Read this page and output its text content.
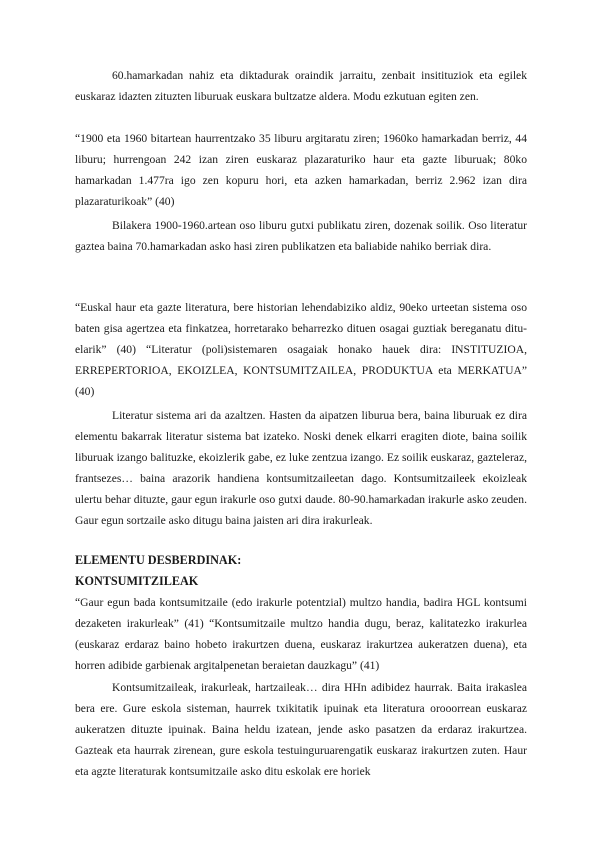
60.hamarkadan nahiz eta diktadurak oraindik jarraitu, zenbait insitituziok eta egilek euskaraz idazten zituzten liburuak euskara bultzatze aldera. Modu ezkutuan egiten zen.

“1900 eta 1960 bitartean haurrentzako 35 liburu argitaratu ziren; 1960ko hamarkadan berriz, 44 liburu; hurrengoan 242 izan ziren euskaraz plazaraturiko haur eta gazte liburuak; 80ko hamarkadan 1.477ra igo zen kopuru hori, eta azken hamarkadan, berriz 2.962 izan dira plazaraturikoak” (40)

Bilakera 1900-1960.artean oso liburu gutxi publikatu ziren, dozenak soilik. Oso literatur gaztea baina 70.hamarkadan asko hasi ziren publikatzen eta baliabide nahiko berriak dira.

“Euskal haur eta gazte literatura, bere historian lehendabiziko aldiz, 90eko urteetan sistema oso baten gisa agertzea eta finkatzea, horretarako beharrezko dituen osagai guztiak bereganatu dituelarik” (40) “Literatur (poli)sistemaren osagaiak honako hauek dira: INSTITUZIOA, ERREPERTORIOA, EKOIZLEA, KONTSUMITZAILEA, PRODUKTUA eta MERKATUA” (40)

Literatur sistema ari da azaltzen. Hasten da aipatzen liburua bera, baina liburuak ez dira elementu bakarrak literatur sistema bat izateko. Noski denek elkarri eragiten diote, baina soilik liburuak izango balituzke, ekoizlerik gabe, ez luke zentzua izango. Ez soilik euskaraz, gazteleraz, frantsezes… baina arazorik handiena kontsumitzaileetan dago. Kontsumitzaileek ekoizleak ulertu behar dituzte, gaur egun irakurle oso gutxi daude. 80-90.hamarkadan irakurle asko zeuden. Gaur egun sortzaile asko ditugu baina jaisten ari dira irakurleak.

ELEMENTU DESBERDINAK:

KONTSUMITZILEAK

“Gaur egun bada kontsumitzaile (edo irakurle potentzial) multzo handia, badira HGL kontsumi dezaketen irakurleak” (41) “Kontsumitzaile multzo handia dugu, beraz, kalitatezko irakurlea (euskaraz erdaraz baino hobeto irakurtzen duena, euskaraz irakurtzea aukeratzen duena), eta horren adibide garbienak argitalpenetan beraietan dauzkagu” (41)

Kontsumitzaileak, irakurleak, hartzaileak… dira HHn adibidez haurrak. Baita irakaslea bera ere. Gure eskola sisteman, haurrek txikitatik ipuinak eta literatura orooorrean euskaraz aukeratzen dituzte ipuinak. Baina heldu izatean, jende asko pasatzen da erdaraz irakurtzea. Gazteak eta haurrak zirenean, gure eskola testuinguruarengatik euskaraz irakurtzen zuten. Haur eta agzte literaturak kontsumitzaile asko ditu eskolak ere horiek
